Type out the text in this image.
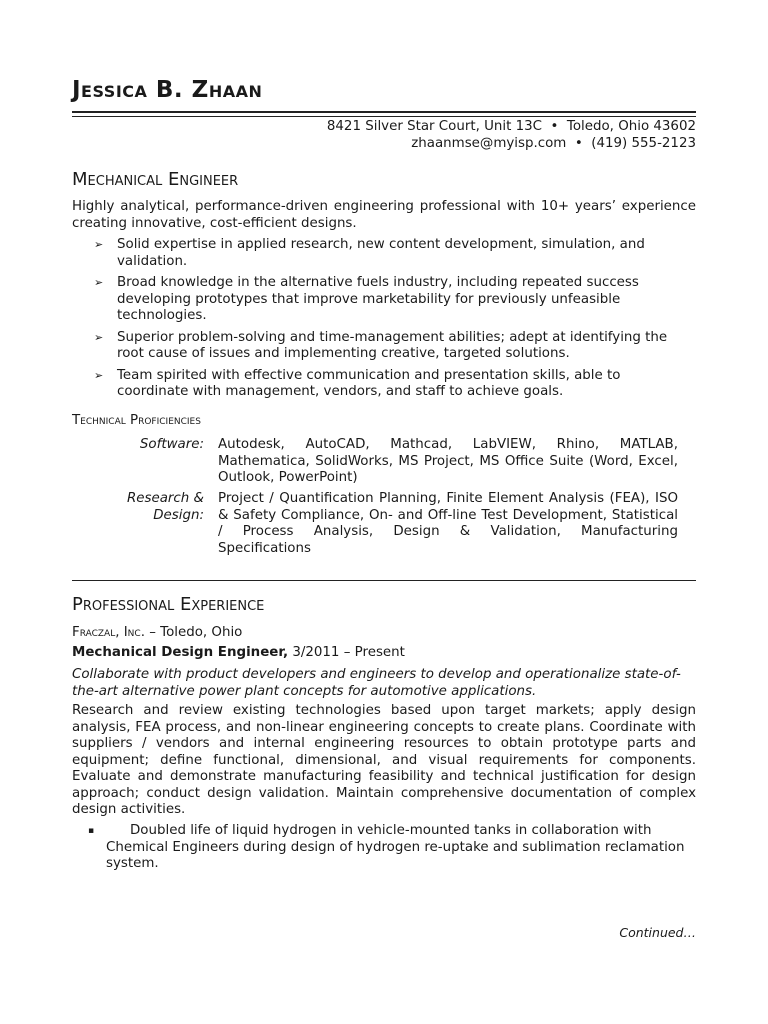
Jessica B. Zhaan
8421 Silver Star Court, Unit 13C  •  Toledo, Ohio 43602
zhaanmse@myisp.com  •  (419) 555-2123
Mechanical Engineer
Highly analytical, performance-driven engineering professional with 10+ years’ experience creating innovative, cost-efficient designs.
➢ Solid expertise in applied research, new content development, simulation, and validation.
➢ Broad knowledge in the alternative fuels industry, including repeated success developing prototypes that improve marketability for previously unfeasible technologies.
➢ Superior problem-solving and time-management abilities; adept at identifying the root cause of issues and implementing creative, targeted solutions.
➢ Team spirited with effective communication and presentation skills, able to coordinate with management, vendors, and staff to achieve goals.
Technical Proficiencies
Software: Autodesk, AutoCAD, Mathcad, LabVIEW, Rhino, MATLAB, Mathematica, SolidWorks, MS Project, MS Office Suite (Word, Excel, Outlook, PowerPoint)
Research &
Design:
Project / Quantification Planning, Finite Element Analysis (FEA), ISO & Safety Compliance, On- and Off-line Test Development, Statistical / Process Analysis, Design & Validation, Manufacturing Specifications
Professional Experience
Fraczal, Inc. – Toledo, Ohio
Mechanical Design Engineer, 3/2011 – Present
Collaborate with product developers and engineers to develop and operationalize state-of-the-art alternative power plant concepts for automotive applications.
Research and review existing technologies based upon target markets; apply design analysis, FEA process, and non-linear engineering concepts to create plans. Coordinate with suppliers / vendors and internal engineering resources to obtain prototype parts and equipment; define functional, dimensional, and visual requirements for components. Evaluate and demonstrate manufacturing feasibility and technical justification for design approach; conduct design validation. Maintain comprehensive documentation of complex design activities.
▪	Doubled life of liquid hydrogen in vehicle-mounted tanks in collaboration with Chemical Engineers during design of hydrogen re-uptake and sublimation reclamation system.
Continued…
